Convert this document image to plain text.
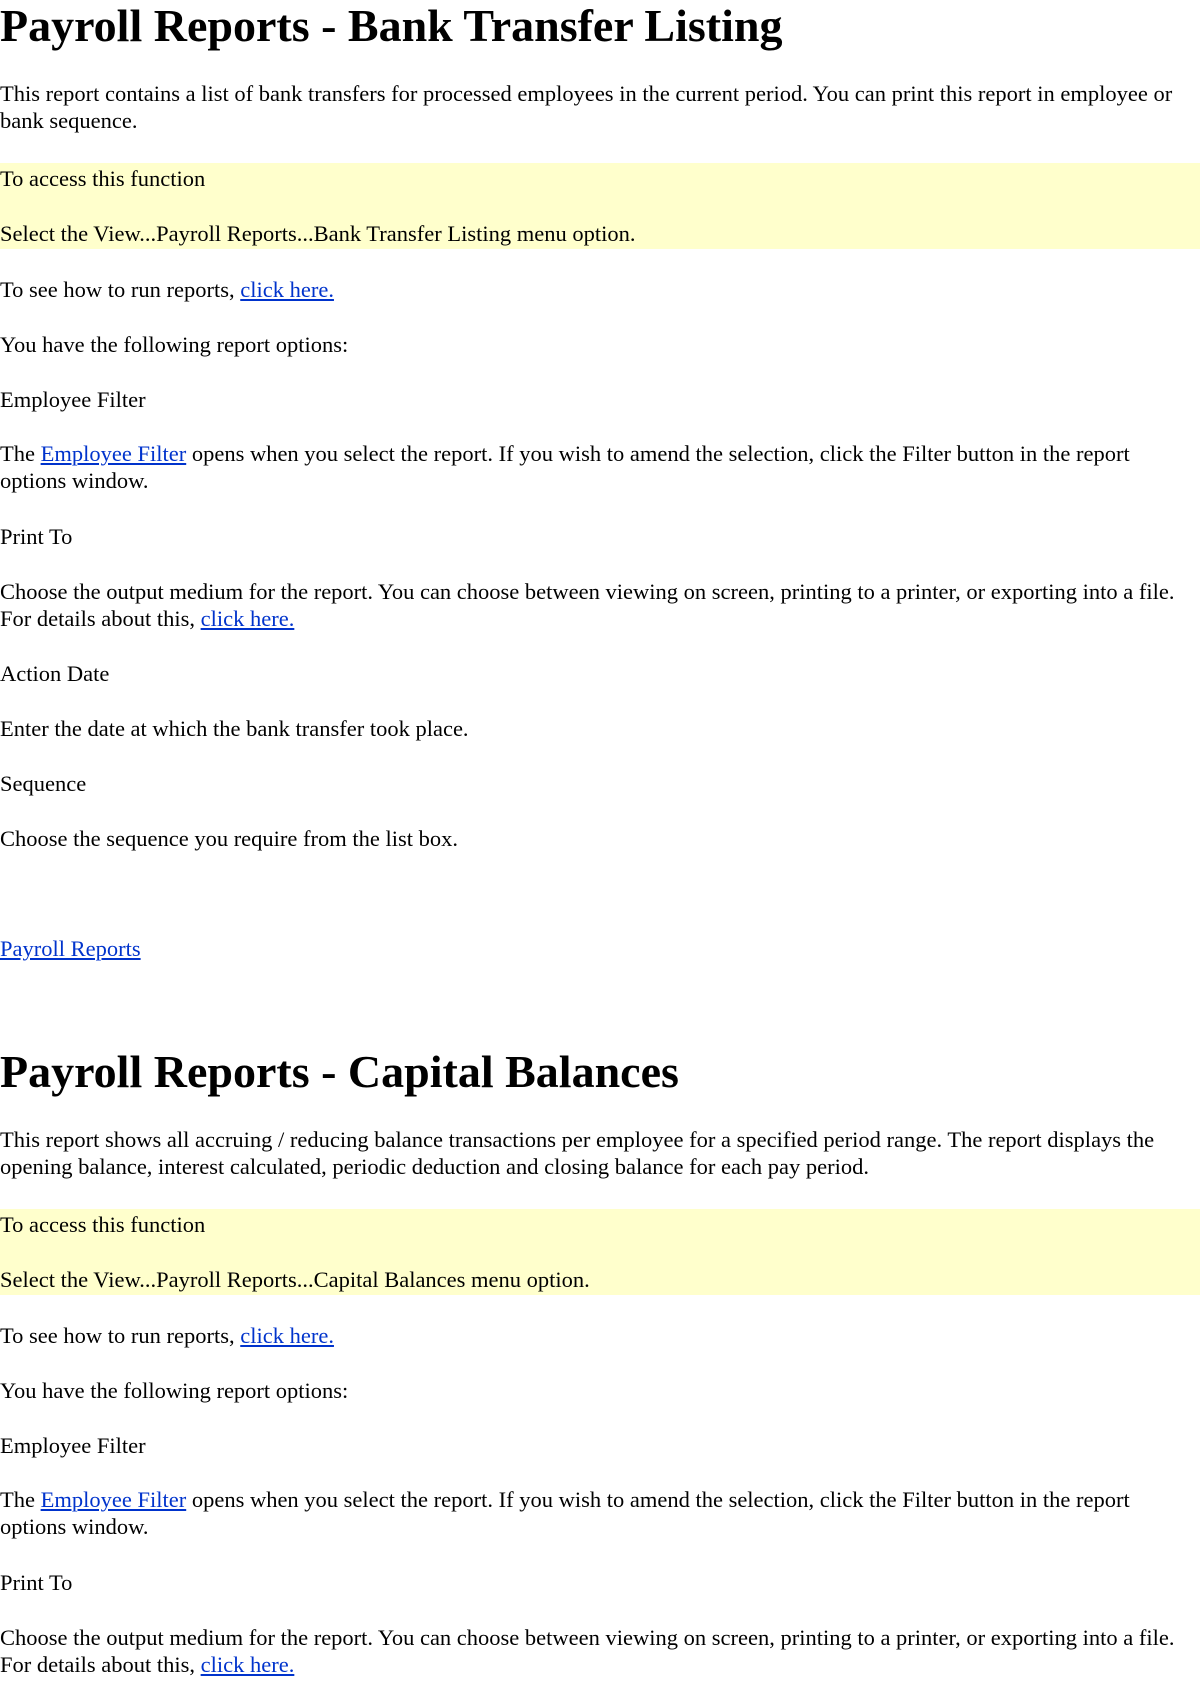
Payroll Reports - Bank Transfer Listing

This report contains a list of bank transfers for processed employees in the current period. You can print this report in employee or bank sequence.

To access this function

Select the View...Payroll Reports...Bank Transfer Listing menu option.

To see how to run reports, click here.

You have the following report options:

Employee Filter

The Employee Filter opens when you select the report. If you wish to amend the selection, click the Filter button in the report options window.

Print To

Choose the output medium for the report. You can choose between viewing on screen, printing to a printer, or exporting into a file. For details about this, click here.

Action Date

Enter the date at which the bank transfer took place.

Sequence

Choose the sequence you require from the list box.

Payroll Reports

Payroll Reports - Capital Balances

This report shows all accruing / reducing balance transactions per employee for a specified period range. The report displays the opening balance, interest calculated, periodic deduction and closing balance for each pay period.

To access this function

Select the View...Payroll Reports...Capital Balances menu option.

To see how to run reports, click here.

You have the following report options:

Employee Filter

The Employee Filter opens when you select the report. If you wish to amend the selection, click the Filter button in the report options window.

Print To

Choose the output medium for the report. You can choose between viewing on screen, printing to a printer, or exporting into a file. For details about this, click here.
